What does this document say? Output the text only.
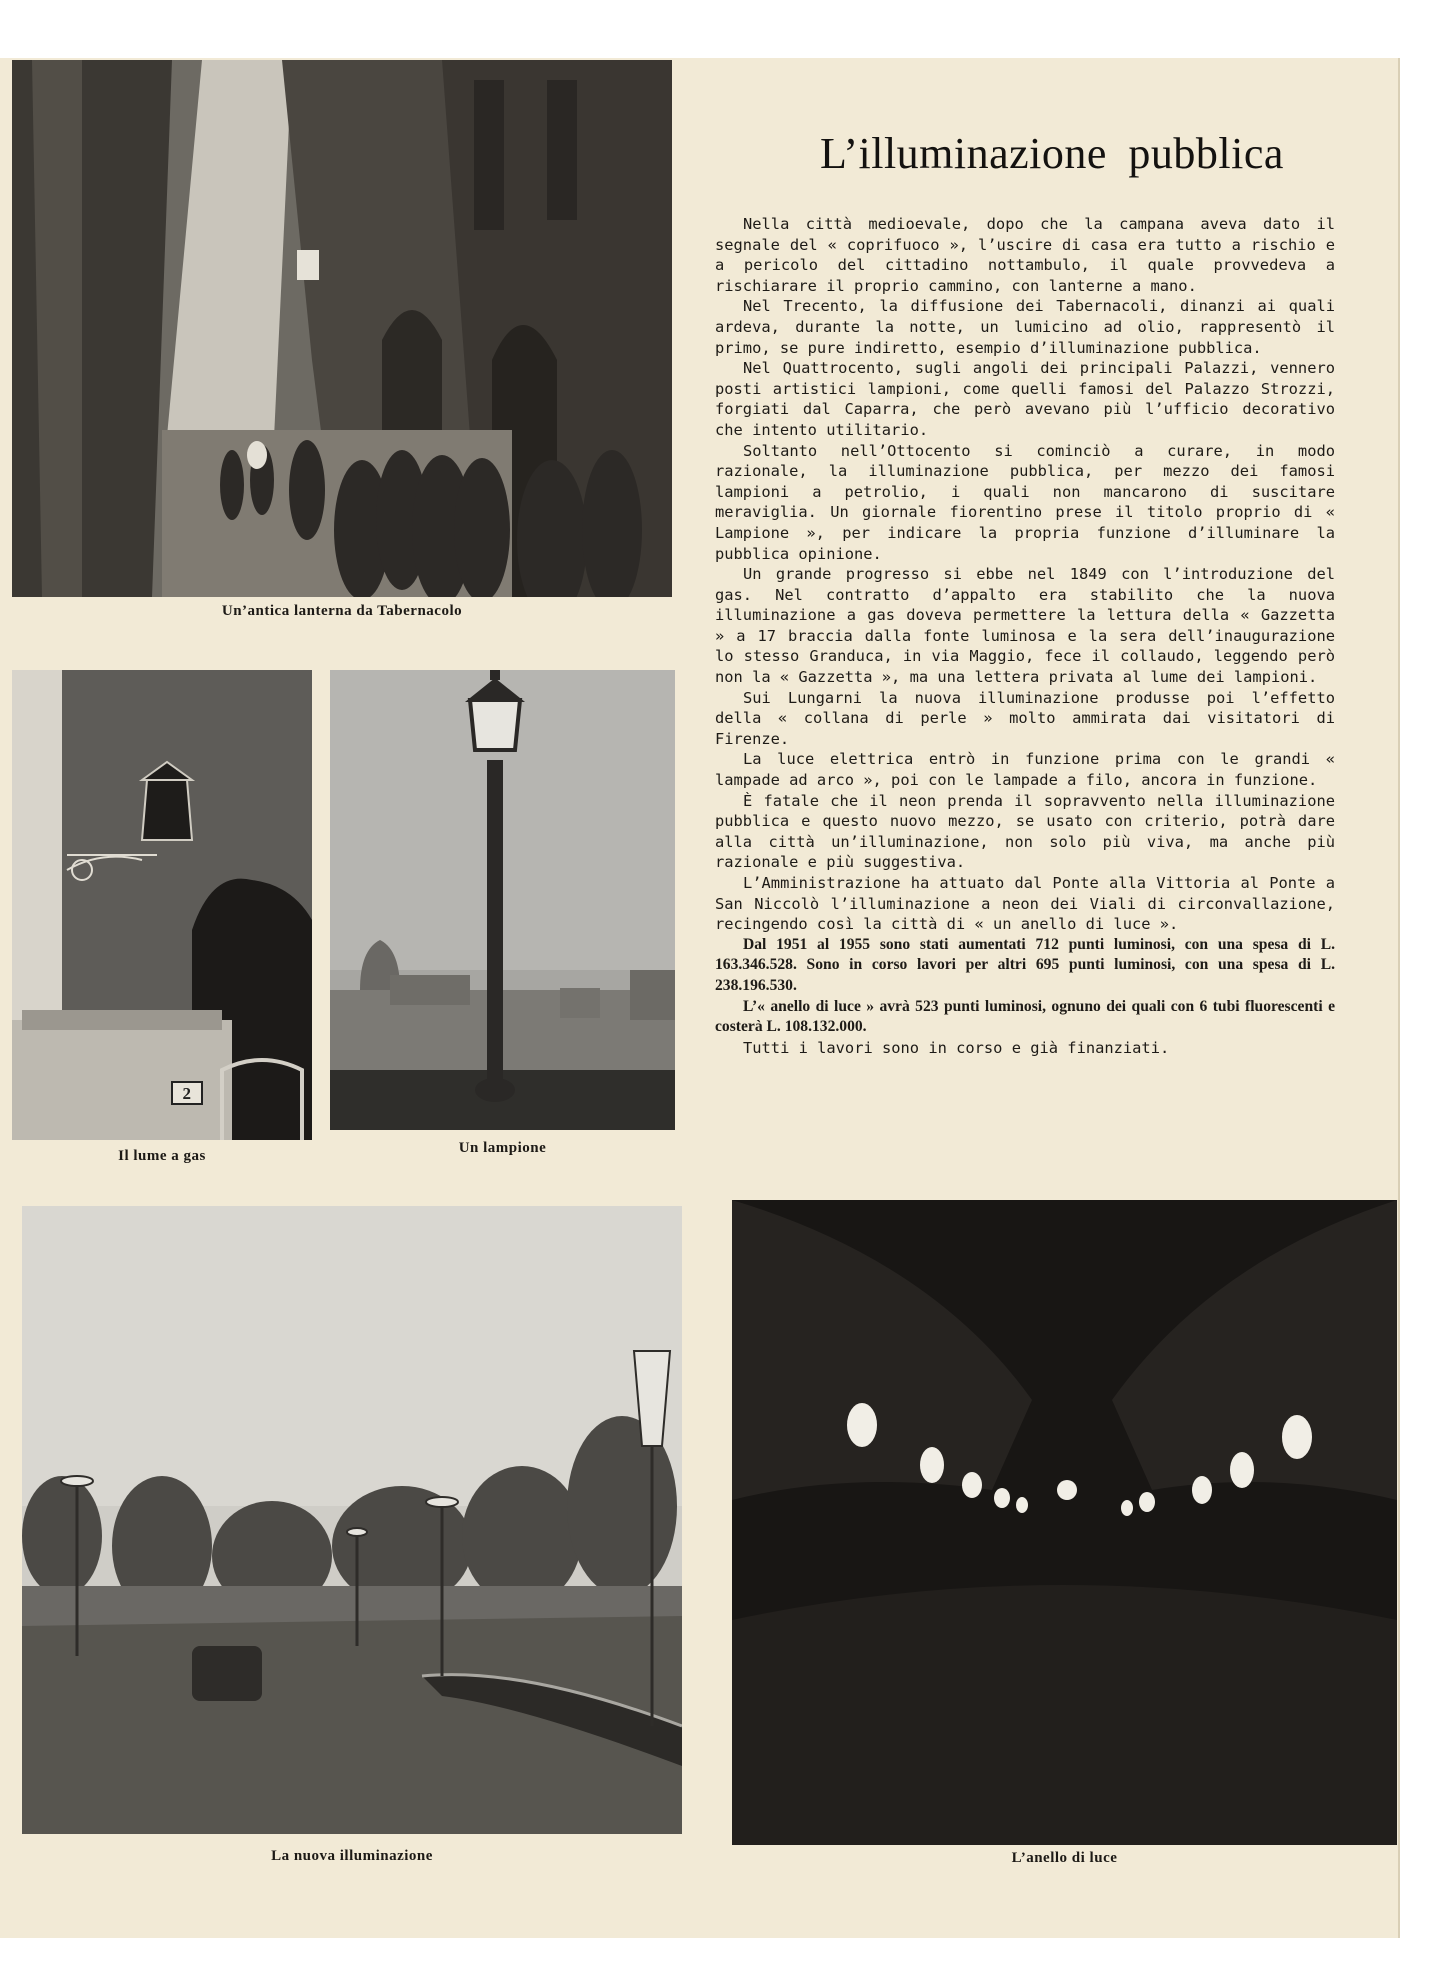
Un’antica lanterna da Tabernacolo
2
Il lume a gas	Un lampione
L’illuminazione pubblica

Nella città medioevale, dopo che la campana aveva dato il segnale del « coprifuoco », l’uscire di casa era tutto a rischio e a pericolo del cittadino nottambulo, il quale provvedeva a rischiarare il proprio cammino, con lanterne a mano.

Nel Trecento, la diffusione dei Tabernacoli, dinanzi ai quali ardeva, durante la notte, un lumicino ad olio, rappresentò il primo, se pure indiretto, esempio d’illuminazione pubblica.

Nel Quattrocento, sugli angoli dei principali Palazzi, vennero posti artistici lampioni, come quelli famosi del Palazzo Strozzi, forgiati dal Caparra, che però avevano più l’ufficio decorativo che intento utilitario.

Soltanto nell’Ottocento si cominciò a curare, in modo razionale, la illuminazione pubblica, per mezzo dei famosi lampioni a petrolio, i quali non mancarono di suscitare meraviglia. Un giornale fiorentino prese il titolo proprio di « Lampione », per indicare la propria funzione d’illuminare la pubblica opinione.

Un grande progresso si ebbe nel 1849 con l’introduzione del gas. Nel contratto d’appalto era stabilito che la nuova illuminazione a gas doveva permettere la lettura della « Gazzetta » a 17 braccia dalla fonte luminosa e la sera dell’inaugurazione lo stesso Granduca, in via Maggio, fece il collaudo, leggendo però non la « Gazzetta », ma una lettera privata al lume dei lampioni.

Sui Lungarni la nuova illuminazione produsse poi l’effetto della « collana di perle » molto ammirata dai visitatori di Firenze.

La luce elettrica entrò in funzione prima con le grandi « lampade ad arco », poi con le lampade a filo, ancora in funzione.

È fatale che il neon prenda il sopravvento nella illuminazione pubblica e questo nuovo mezzo, se usato con criterio, potrà dare alla città un’illuminazione, non solo più viva, ma anche più razionale e più suggestiva.

L’Amministrazione ha attuato dal Ponte alla Vittoria al Ponte a San Niccolò l’illuminazione a neon dei Viali di circonvallazione, recingendo così la città di « un anello di luce ».

Dal 1951 al 1955 sono stati aumentati 712 punti luminosi, con una spesa di L. 163.346.528. Sono in corso lavori per altri 695 punti luminosi, con una spesa di L. 238.196.530.

L’« anello di luce » avrà 523 punti luminosi, ognuno dei quali con 6 tubi fluorescenti e costerà L. 108.132.000.

Tutti i lavori sono in corso e già finanziati.

La nuova illuminazione	L’anello di luce
